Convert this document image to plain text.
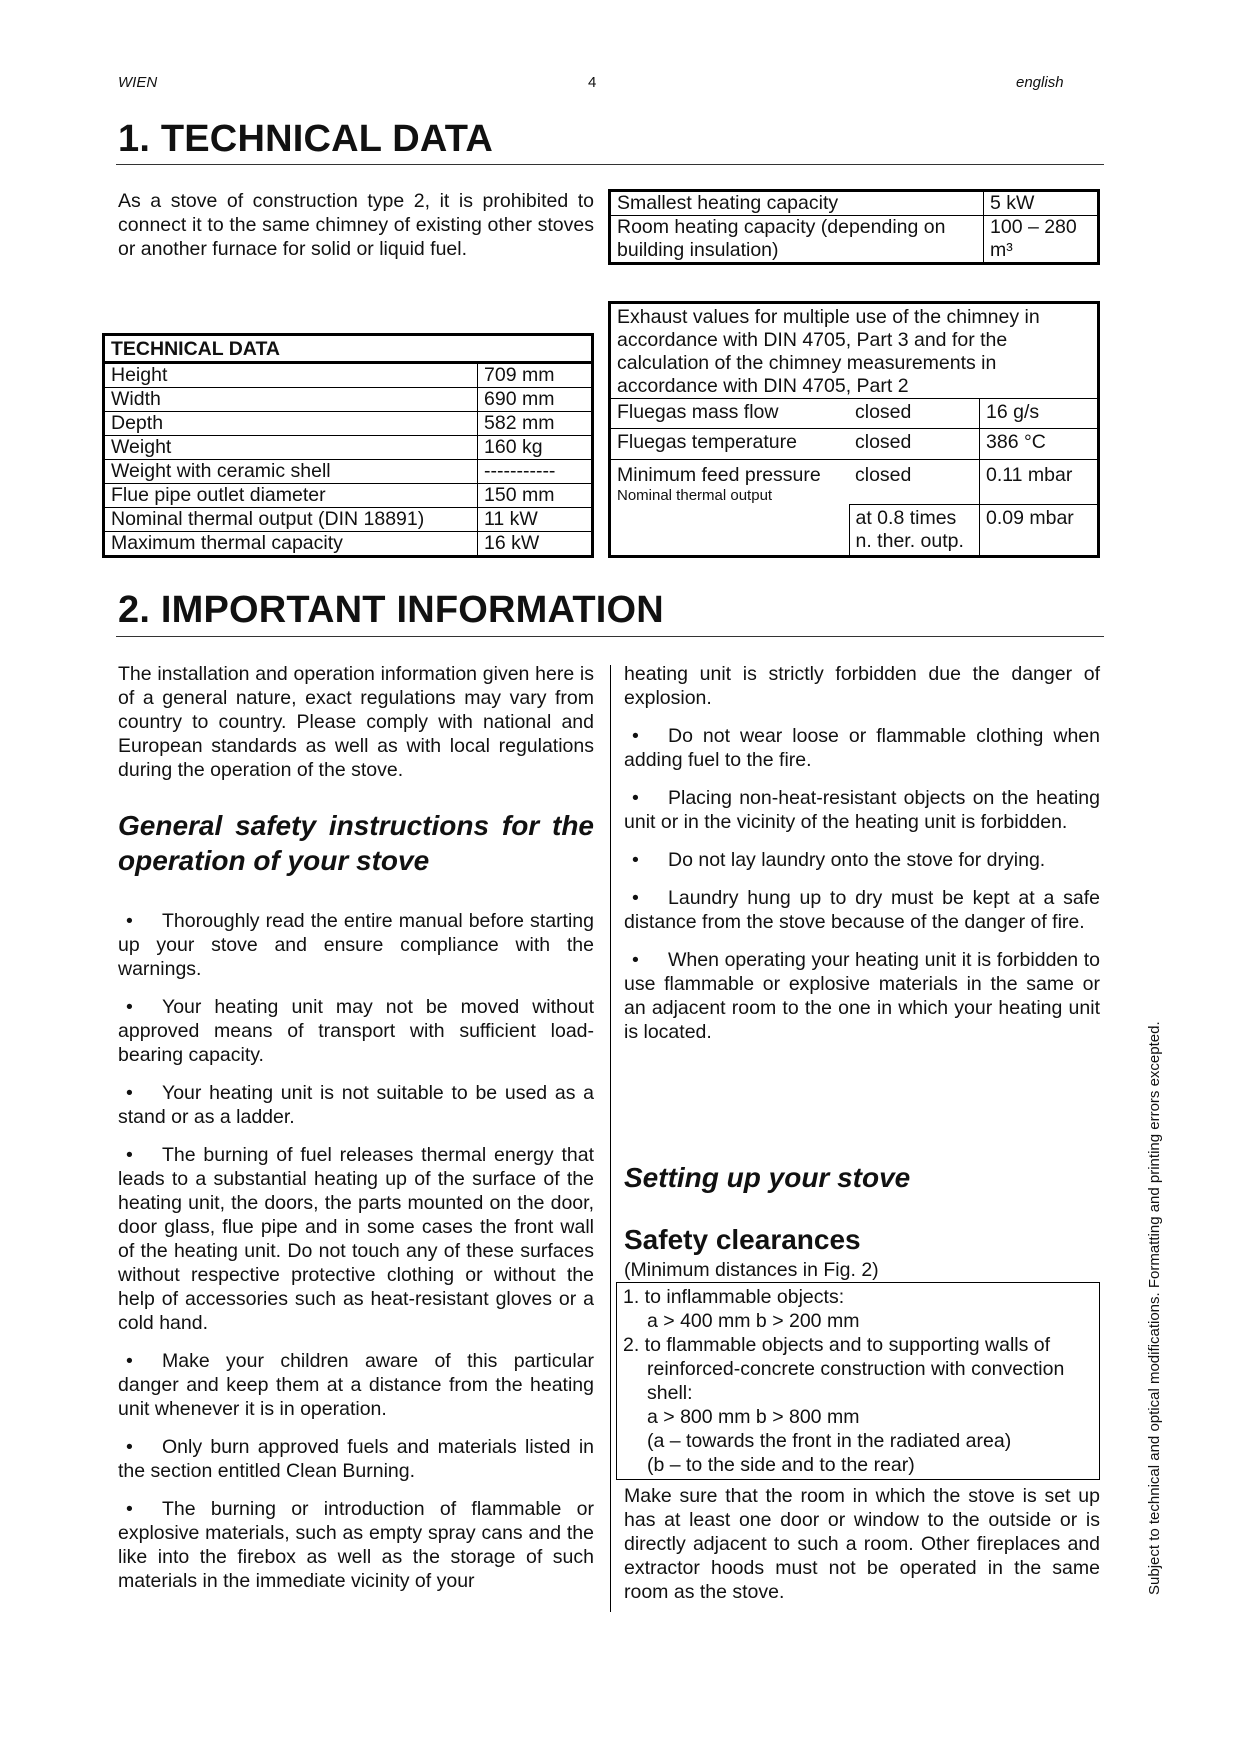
WIEN	4	english
1. TECHNICAL DATA

As a stove of construction type 2, it is prohibited to connect it to the same chimney of existing other stoves or another furnace for solid or liquid fuel.

Smallest heating capacity	5 kW
Room heating capacity (depending on building insulation)	100 – 280 m³
TECHNICAL DATA	
Height	709 mm
Width	690 mm
Depth	582 mm
Weight	160 kg
Weight with ceramic shell	-----------
Flue pipe outlet diameter	150 mm
Nominal thermal output (DIN 18891)	11 kW
Maximum thermal capacity	16 kW
Exhaust values for multiple use of the chimney in accordance with DIN 4705, Part 3 and for the calculation of the chimney measurements in accordance with DIN 4705, Part 2		
Fluegas mass flow	closed	16 g/s
Fluegas temperature	closed	386 °C

Minimum feed pressure
Nominal thermal output	closed	0.11 mbar
	at 0.8 times n. ther. outp.	0.09 mbar
2. IMPORTANT INFORMATION

The installation and operation information given here is of a general nature, exact regulations may vary from country to country. Please comply with national and European standards as well as with local regulations during the operation of the stove.

General safety instructions for the operation of your stove

• Thoroughly read the entire manual before starting up your stove and ensure compliance with the warnings.

• Your heating unit may not be moved without approved means of transport with sufficient load-bearing capacity.

• Your heating unit is not suitable to be used as a stand or as a ladder.

• The burning of fuel releases thermal energy that leads to a substantial heating up of the surface of the heating unit, the doors, the parts mounted on the door, door glass, flue pipe and in some cases the front wall of the heating unit. Do not touch any of these surfaces without respective protective clothing or without the help of accessories such as heat-resistant gloves or a cold hand.

• Make your children aware of this particular danger and keep them at a distance from the heating unit whenever it is in operation.

• Only burn approved fuels and materials listed in the section entitled Clean Burning.

• The burning or introduction of flammable or explosive materials, such as empty spray cans and the like into the firebox as well as the storage of such materials in the immediate vicinity of your

heating unit is strictly forbidden due the danger of explosion.

• Do not wear loose or flammable clothing when adding fuel to the fire.

• Placing non-heat-resistant objects on the heating unit or in the vicinity of the heating unit is forbidden.

• Do not lay laundry onto the stove for drying.

• Laundry hung up to dry must be kept at a safe distance from the stove because of the danger of fire.

• When operating your heating unit it is forbidden to use flammable or explosive materials in the same or an adjacent room to the one in which your heating unit is located.

Setting up your stove

Safety clearances

(Minimum distances in Fig. 2)

1. to inflammable objects:
a > 400 mm b > 200 mm
2. to flammable objects and to supporting walls of
reinforced-concrete construction with convection shell:
a > 800 mm b > 800 mm
(a – towards the front in the radiated area)
(b – to the side and to the rear)

Make sure that the room in which the stove is set up has at least one door or window to the outside or is directly adjacent to such a room. Other fireplaces and extractor hoods must not be operated in the same room as the stove.	Subject to technical and optical modifications. Formatting and printing errors excepted.
